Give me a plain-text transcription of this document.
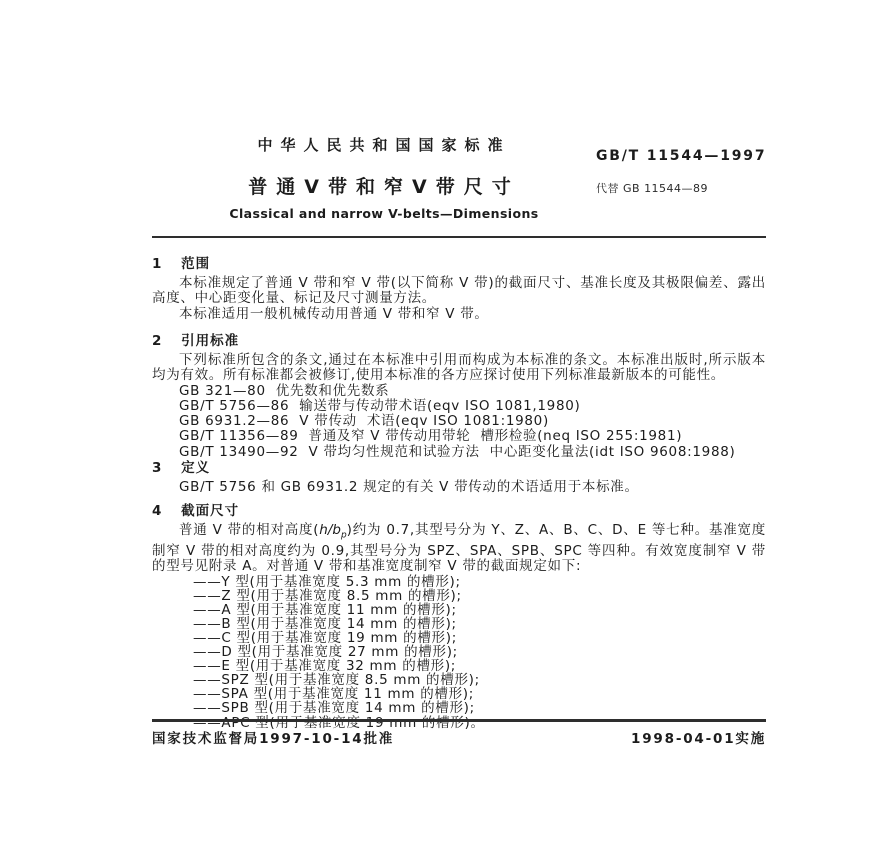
中华人民共和国国家标准
普通V带和窄V带尺寸
Classical and narrow V-belts—Dimensions
GB/T 11544—1997
代替 GB 11544—89
1 范围

本标准规定了普通 V 带和窄 V 带(以下简称 V 带)的截面尺寸、基准长度及其极限偏差、露出高度、中心距变化量、标记及尺寸测量方法。

本标准适用一般机械传动用普通 V 带和窄 V 带。

2 引用标准

下列标准所包含的条文,通过在本标准中引用而构成为本标准的条文。本标准出版时,所示版本均为有效。所有标准都会被修订,使用本标准的各方应探讨使用下列标准最新版本的可能性。

GB 321—80  优先数和优先数系

GB/T 5756—86  输送带与传动带术语(eqv ISO 1081,1980)

GB 6931.2—86  V 带传动  术语(eqv ISO 1081:1980)

GB/T 11356—89  普通及窄 V 带传动用带轮  槽形检验(neq ISO 255:1981)

GB/T 13490—92  V 带均匀性规范和试验方法  中心距变化量法(idt ISO 9608:1988)

3 定义

GB/T 5756 和 GB 6931.2 规定的有关 V 带传动的术语适用于本标准。

4 截面尺寸

普通 V 带的相对高度$(h/b_p)$约为 0.7,其型号分为 Y、Z、A、B、C、D、E 等七种。基准宽度制窄 V 带的相对高度约为 0.9,其型号分为 SPZ、SPA、SPB、SPC 等四种。有效宽度制窄 V 带的型号见附录 A。对普通 V 带和基准宽度制窄 V 带的截面规定如下:

——Y 型(用于基准宽度 5.3 mm 的槽形);

——Z 型(用于基准宽度 8.5 mm 的槽形);

——A 型(用于基准宽度 11 mm 的槽形);

——B 型(用于基准宽度 14 mm 的槽形);

——C 型(用于基准宽度 19 mm 的槽形);

——D 型(用于基准宽度 27 mm 的槽形);

——E 型(用于基准宽度 32 mm 的槽形);

——SPZ 型(用于基准宽度 8.5 mm 的槽形);

——SPA 型(用于基准宽度 11 mm 的槽形);

——SPB 型(用于基准宽度 14 mm 的槽形);

——APC 型(用于基准宽度 19 mm 的槽形)。

国家技术监督局1997-10-14批准	1998-04-01实施
